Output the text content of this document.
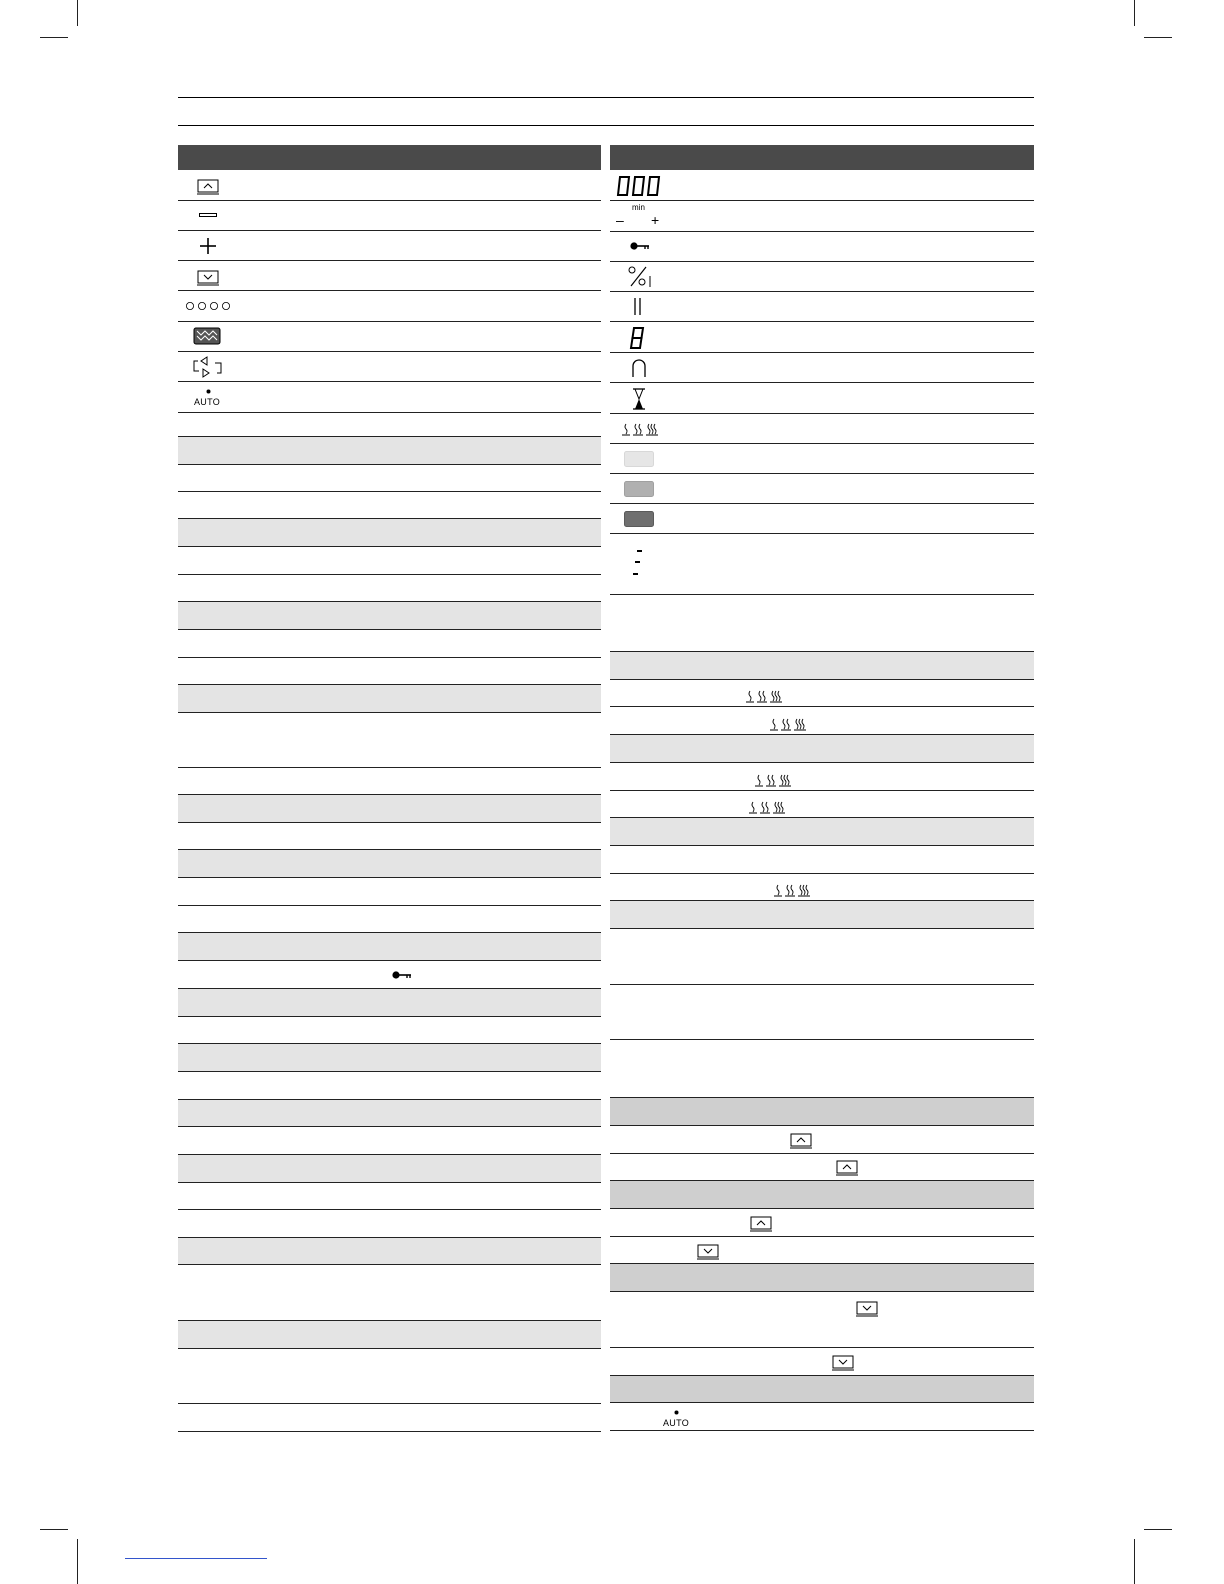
AUTO
min
– +
AUTO
